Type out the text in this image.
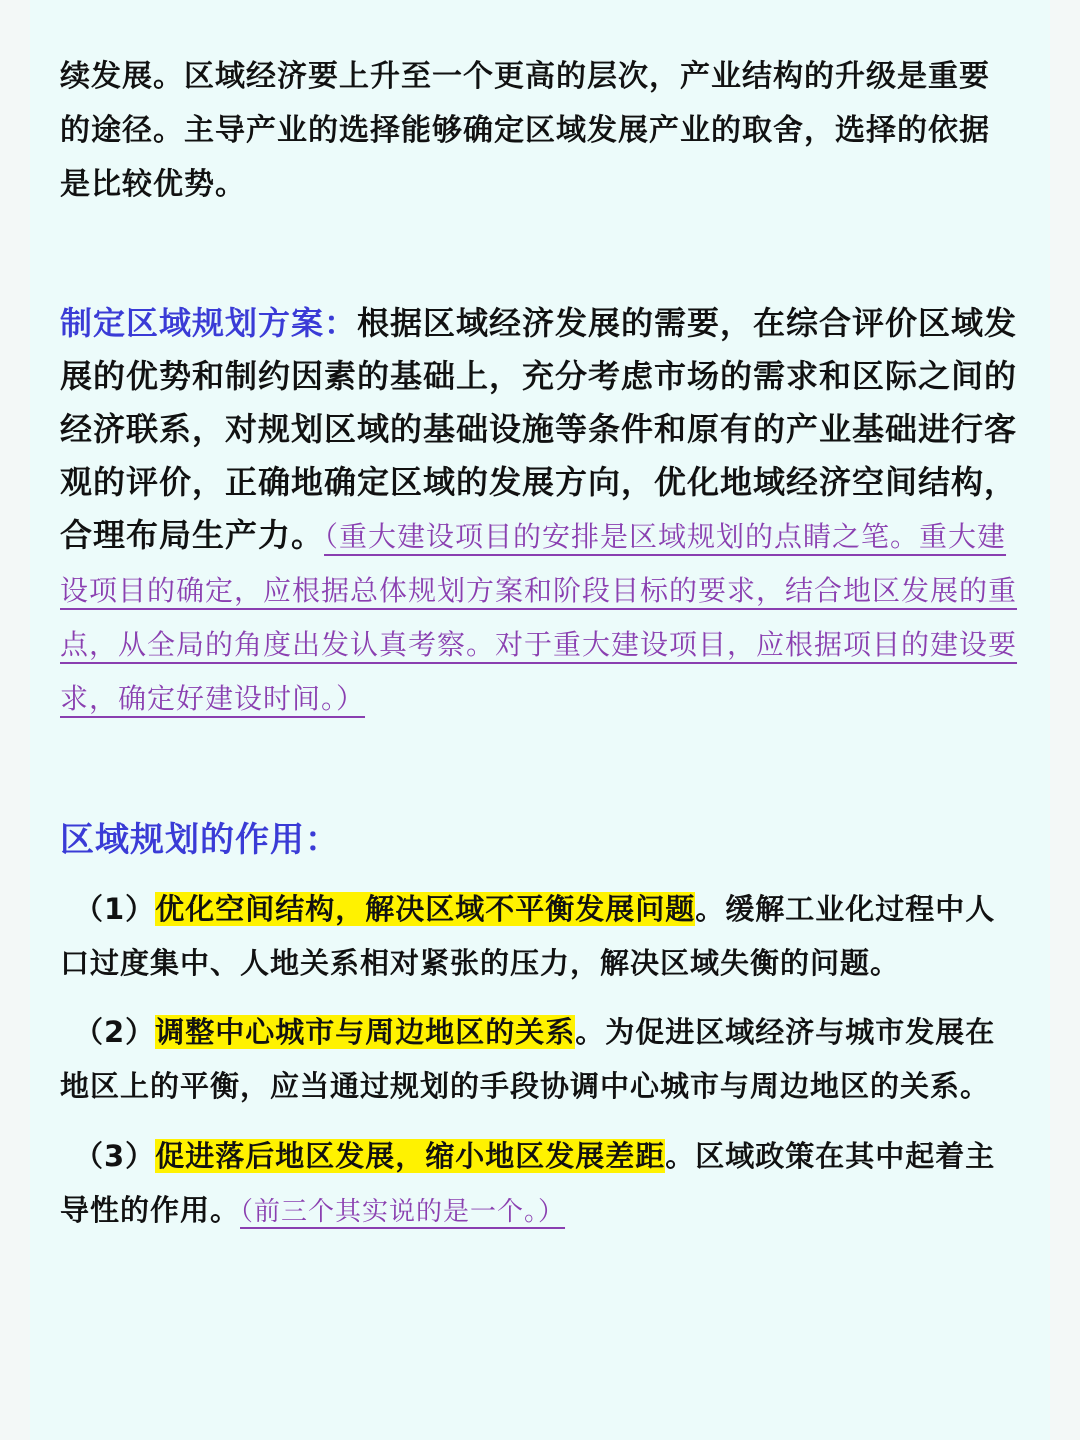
续发展。区域经济要上升至一个更高的层次，产业结构的升级是重要的途径。主导产业的选择能够确定区域发展产业的取舍，选择的依据是比较优势。
制定区域规划方案：根据区域经济发展的需要，在综合评价区域发展的优势和制约因素的基础上，充分考虑市场的需求和区际之间的经济联系，对规划区域的基础设施等条件和原有的产业基础进行客观的评价，正确地确定区域的发展方向，优化地域经济空间结构，合理布局生产力。（重大建设项目的安排是区域规划的点睛之笔。重大建设项目的确定，应根据总体规划方案和阶段目标的要求，结合地区发展的重点，从全局的角度出发认真考察。对于重大建设项目，应根据项目的建设要求，确定好建设时间。）
区域规划的作用：
（1）优化空间结构，解决区域不平衡发展问题。缓解工业化过程中人口过度集中、人地关系相对紧张的压力，解决区域失衡的问题。
（2）调整中心城市与周边地区的关系。为促进区域经济与城市发展在地区上的平衡，应当通过规划的手段协调中心城市与周边地区的关系。
（3）促进落后地区发展，缩小地区发展差距。区域政策在其中起着主导性的作用。（前三个其实说的是一个。）
